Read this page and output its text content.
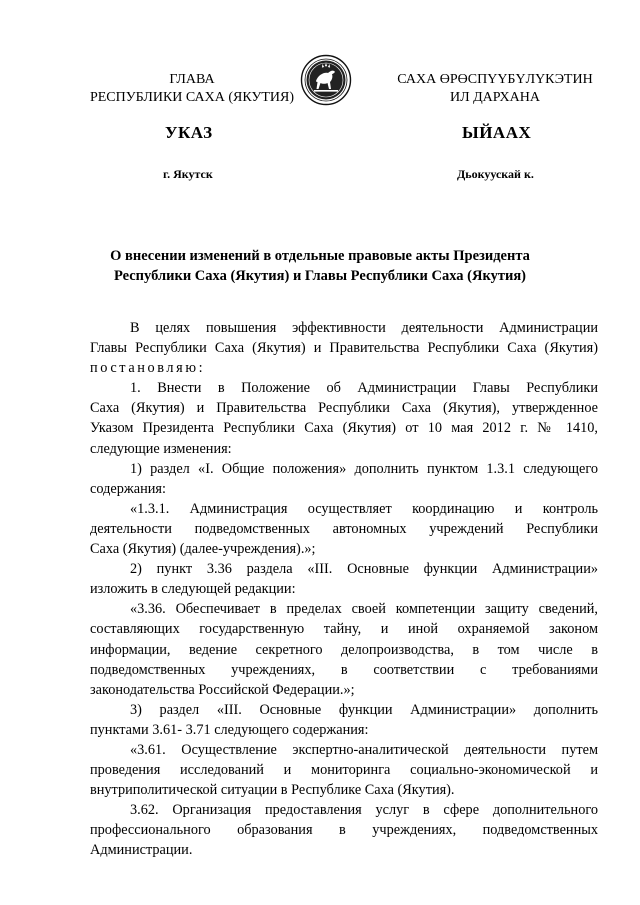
ГЛАВА
РЕСПУБЛИКИ САХА (ЯКУТИЯ)
САХА ӨРӨСПҮҮБҮЛҮКЭТИН
ИЛ ДАРХАНА
УКАЗ	ЫЙААХ
г. Якутск	Дьокуускай к.
О внесении изменений в отдельные правовые акты Президента
Республики Саха (Якутия) и Главы Республики Саха (Якутия)
В целях повышения эффективности деятельности Администрации
Главы Республики Саха (Якутия) и Правительства Республики Саха (Якутия)
постановляю:
1. Внести в Положение об Администрации Главы Республики
Саха (Якутия) и Правительства Республики Саха (Якутия), утвержденное
Указом Президента Республики Саха (Якутия) от 10 мая 2012 г. № 1410,
следующие изменения:
1) раздел «I. Общие положения» дополнить пунктом 1.3.1 следующего
содержания:
«1.3.1. Администрация осуществляет координацию и контроль
деятельности подведомственных автономных учреждений Республики
Саха (Якутия) (далее-учреждения).»;
2) пункт 3.36 раздела «III. Основные функции Администрации»
изложить в следующей редакции:
«3.36. Обеспечивает в пределах своей компетенции защиту сведений,
составляющих государственную тайну, и иной охраняемой законом
информации, ведение секретного делопроизводства, в том числе в
подведомственных учреждениях, в соответствии с требованиями
законодательства Российской Федерации.»;
3) раздел «III. Основные функции Администрации» дополнить
пунктами 3.61- 3.71 следующего содержания:
«3.61. Осуществление экспертно-аналитической деятельности путем
проведения исследований и мониторинга социально-экономической и
внутриполитической ситуации в Республике Саха (Якутия).
3.62. Организация предоставления услуг в сфере дополнительного
профессионального образования в учреждениях, подведомственных
Администрации.
